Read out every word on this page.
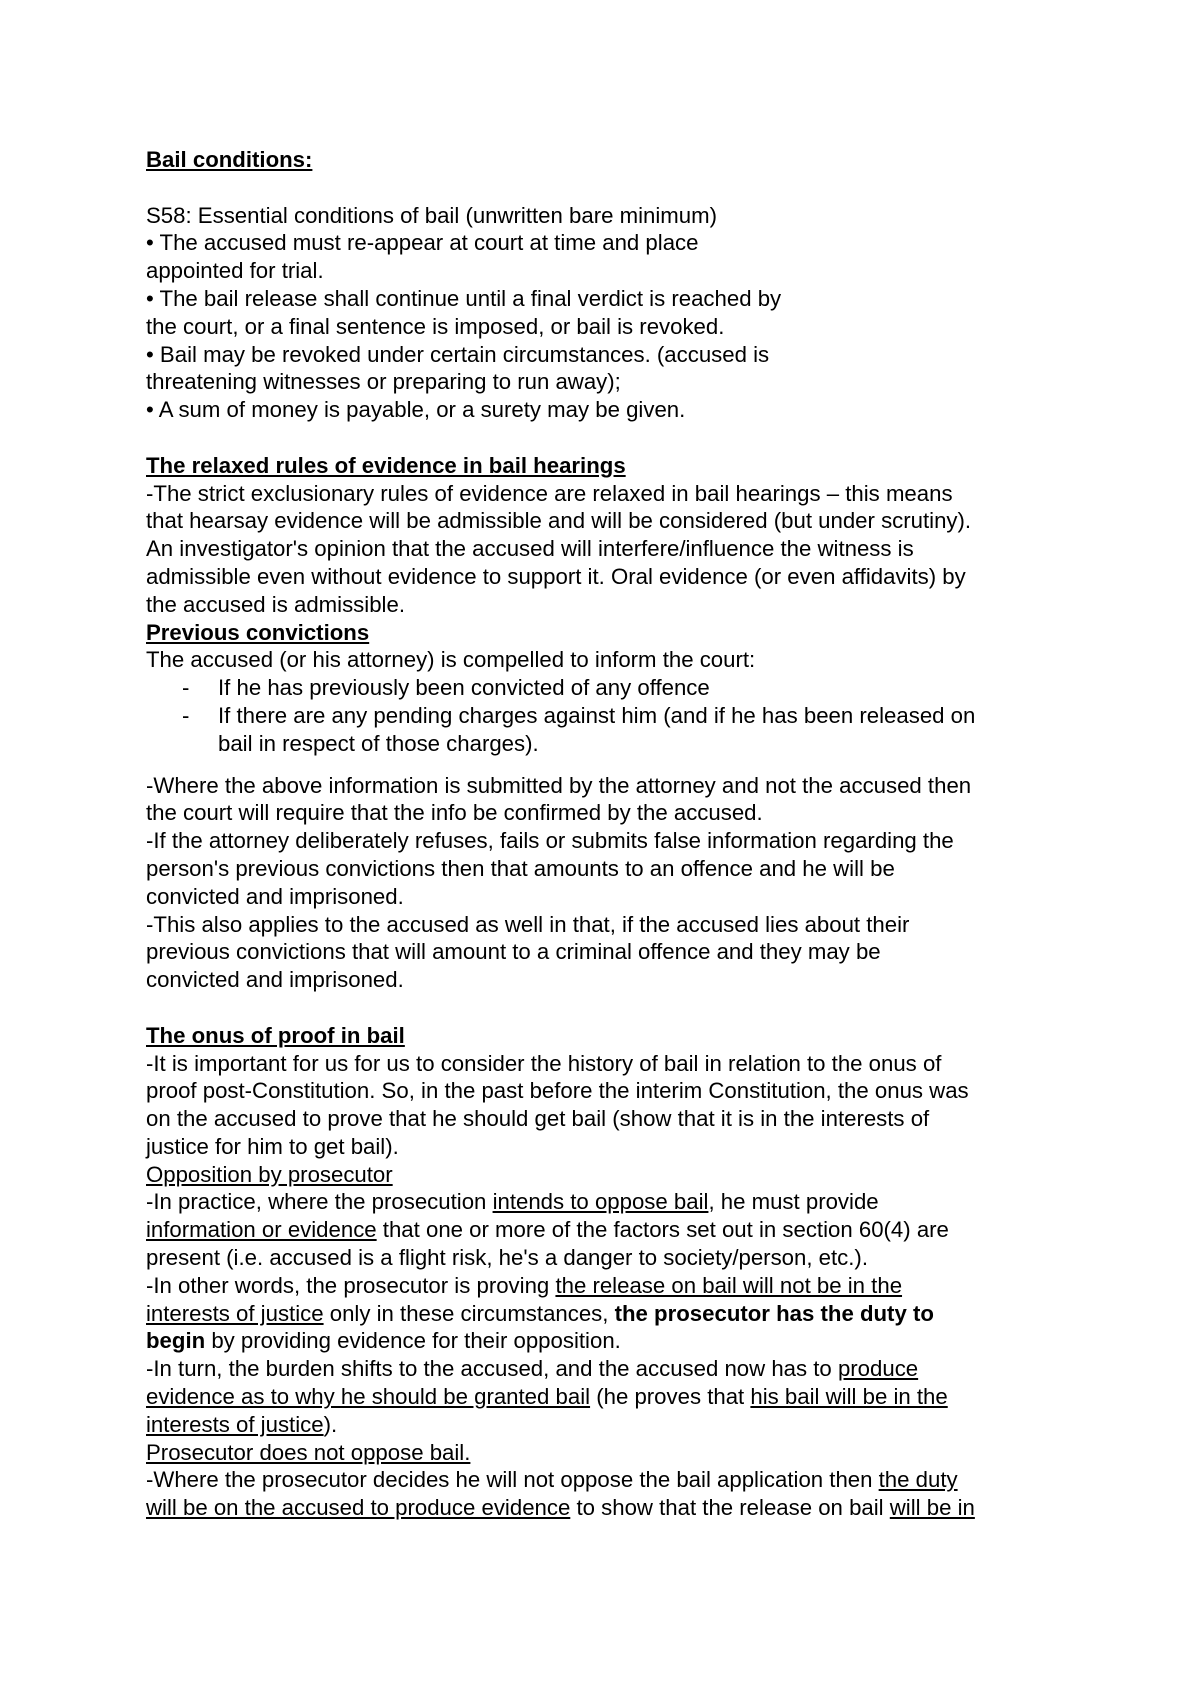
Bail conditions:
S58: Essential conditions of bail (unwritten bare minimum)
• The accused must re-appear at court at time and place
appointed for trial.
• The bail release shall continue until a final verdict is reached by
the court, or a final sentence is imposed, or bail is revoked.
• Bail may be revoked under certain circumstances. (accused is
threatening witnesses or preparing to run away);
• A sum of money is payable, or a surety may be given.
The relaxed rules of evidence in bail hearings
-The strict exclusionary rules of evidence are relaxed in bail hearings – this means
that hearsay evidence will be admissible and will be considered (but under scrutiny).
An investigator's opinion that the accused will interfere/influence the witness is
admissible even without evidence to support it. Oral evidence (or even affidavits) by
the accused is admissible.
Previous convictions
The accused (or his attorney) is compelled to inform the court:
-	If he has previously been convicted of any offence
-	If there are any pending charges against him (and if he has been released on
bail in respect of those charges).
-Where the above information is submitted by the attorney and not the accused then
the court will require that the info be confirmed by the accused.
-If the attorney deliberately refuses, fails or submits false information regarding the
person's previous convictions then that amounts to an offence and he will be
convicted and imprisoned.
-This also applies to the accused as well in that, if the accused lies about their
previous convictions that will amount to a criminal offence and they may be
convicted and imprisoned.
The onus of proof in bail
-It is important for us for us to consider the history of bail in relation to the onus of
proof post-Constitution. So, in the past before the interim Constitution, the onus was
on the accused to prove that he should get bail (show that it is in the interests of
justice for him to get bail).
Opposition by prosecutor
-In practice, where the prosecution intends to oppose bail, he must provide
information or evidence that one or more of the factors set out in section 60(4) are
present (i.e. accused is a flight risk, he's a danger to society/person, etc.).
-In other words, the prosecutor is proving the release on bail will not be in the
interests of justice only in these circumstances, the prosecutor has the duty to
begin by providing evidence for their opposition.
-In turn, the burden shifts to the accused, and the accused now has to produce
evidence as to why he should be granted bail (he proves that his bail will be in the
interests of justice).
Prosecutor does not oppose bail.
-Where the prosecutor decides he will not oppose the bail application then the duty
will be on the accused to produce evidence to show that the release on bail will be in
